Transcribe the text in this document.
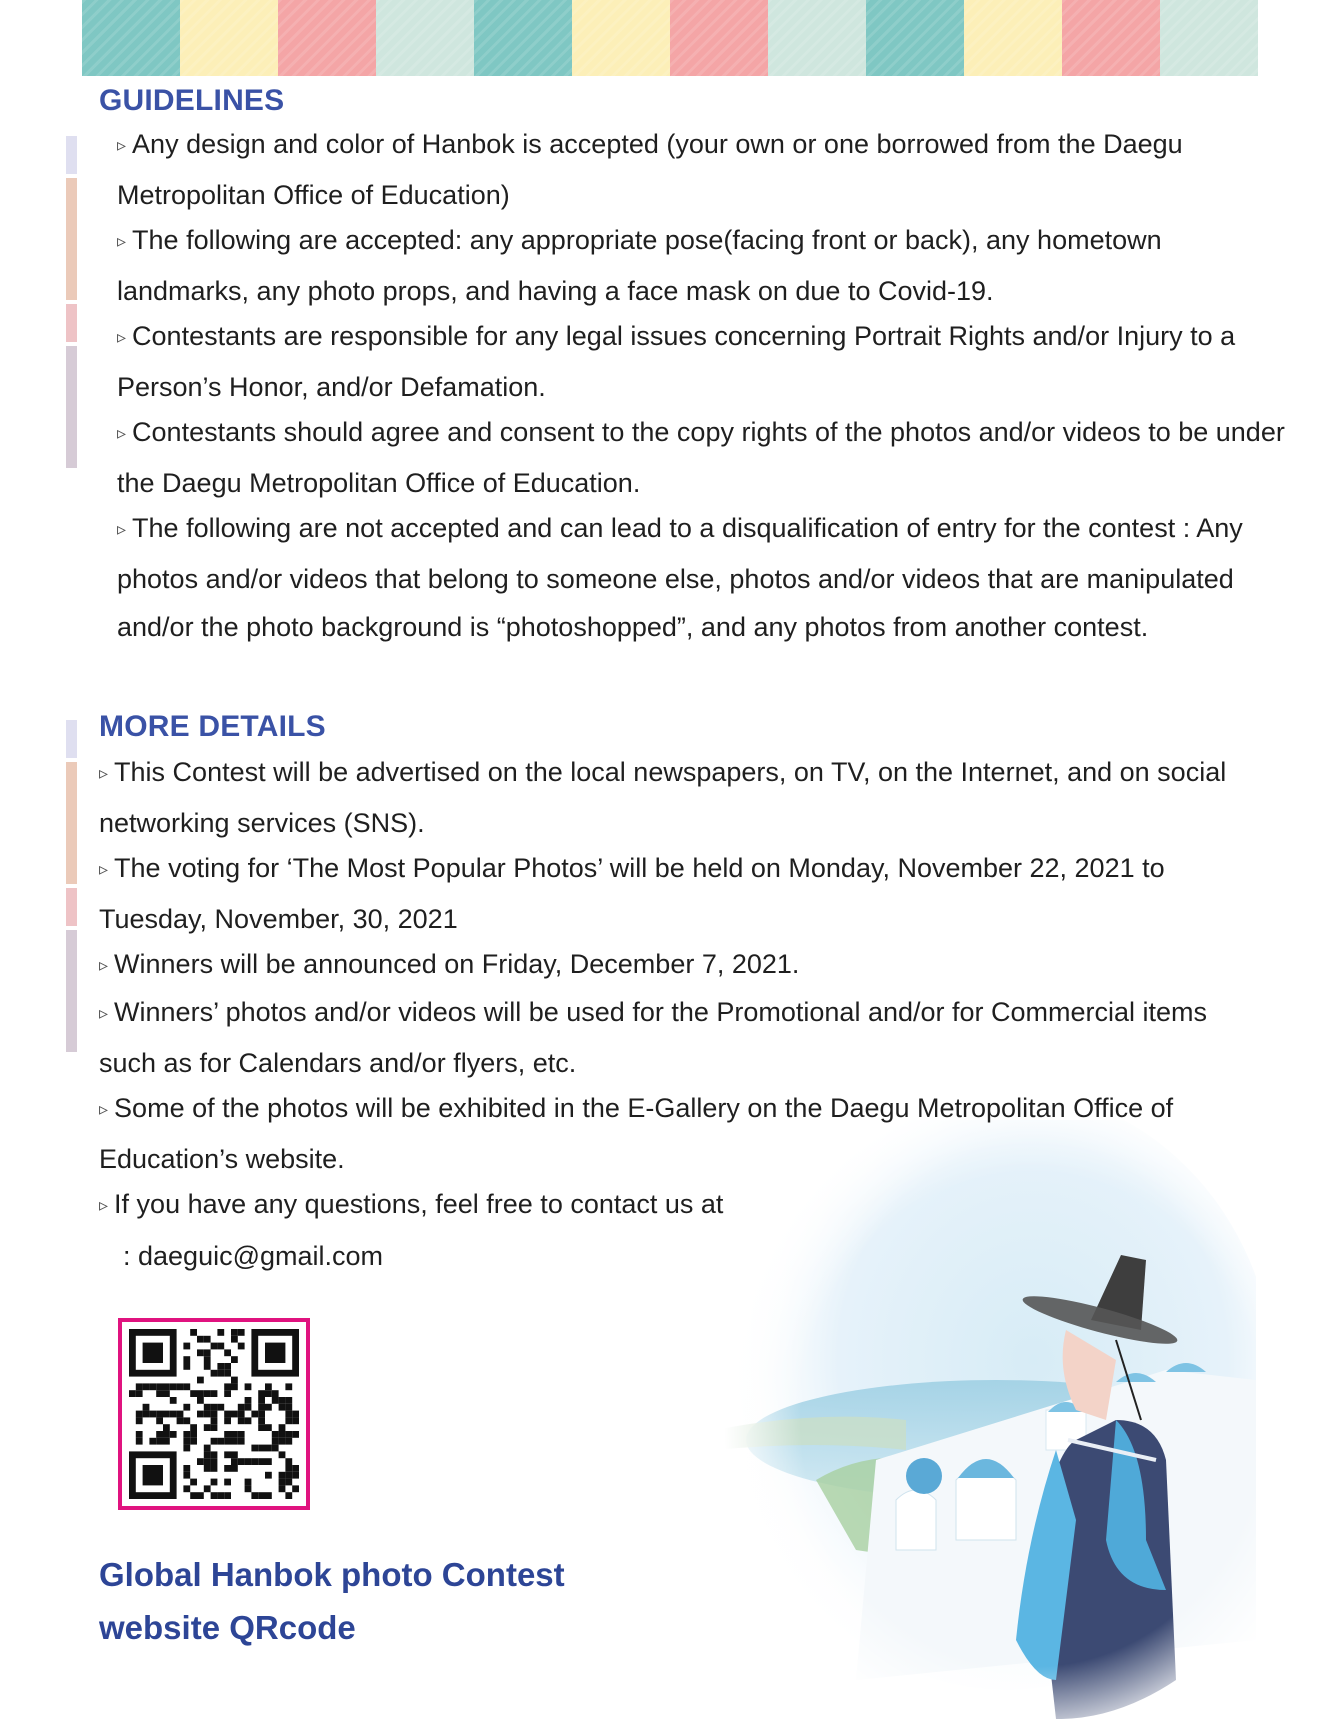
GUIDELINES

▹ Any design and color of Hanbok is accepted (your own or one borrowed from the Daegu Metropolitan Office of Education)

▹ The following are accepted: any appropriate pose(facing front or back), any hometown landmarks, any photo props, and having a face mask on due to Covid-19.

▹ Contestants are responsible for any legal issues concerning Portrait Rights and/or Injury to a Person’s Honor, and/or Defamation.

▹ Contestants should agree and consent to the copy rights of the photos and/or videos to be under the Daegu Metropolitan Office of Education.

▹ The following are not accepted and can lead to a disqualification of entry for the contest : Any photos and/or videos that belong to someone else, photos and/or videos that are manipulated and/or the photo background is “photoshopped”, and any photos from another contest.

MORE DETAILS

▹ This Contest will be advertised on the local newspapers, on TV, on the Internet, and on social networking services (SNS).

▹ The voting for ‘The Most Popular Photos’ will be held on Monday, November 22, 2021 to Tuesday, November, 30, 2021

▹ Winners will be announced on Friday, December 7, 2021.

▹ Winners’ photos and/or videos will be used for the Promotional and/or for Commercial items such as for Calendars and/or flyers, etc.

▹ Some of the photos will be exhibited in the E-Gallery on the Daegu Metropolitan Office of Education’s website.

▹ If you have any questions, feel free to contact us at

: daeguic@gmail.com

Global Hanbok photo Contest
website QRcode
